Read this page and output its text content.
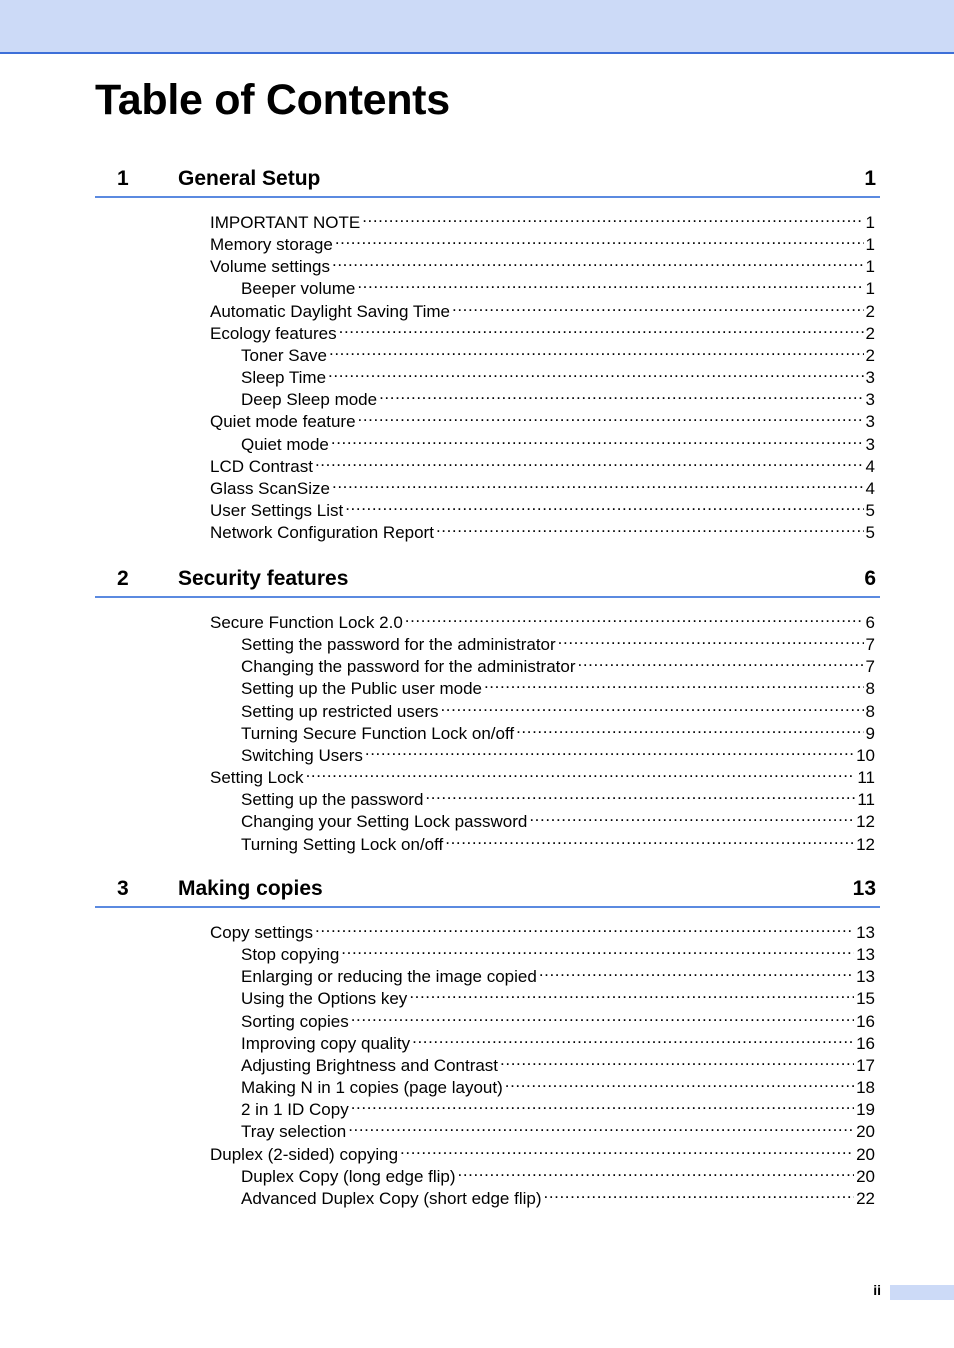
Table of Contents
1 General Setup	1
IMPORTANT NOTE .....	1
Memory storage .....	1
Volume settings .....	1
Beeper volume .....	1
Automatic Daylight Saving Time .....	2
Ecology features .....	2
Toner Save .....	2
Sleep Time .....	3
Deep Sleep mode .....	3
Quiet mode feature .....	3
Quiet mode .....	3
LCD Contrast .....	4
Glass ScanSize .....	4
User Settings List .....	5
Network Configuration Report .....	5
2 Security features	6
Secure Function Lock 2.0 .....	6
Setting the password for the administrator .....	7
Changing the password for the administrator .....	7
Setting up the Public user mode .....	8
Setting up restricted users .....	8
Turning Secure Function Lock on/off .....	9
Switching Users .....	10
Setting Lock .....	11
Setting up the password .....	11
Changing your Setting Lock password .....	12
Turning Setting Lock on/off .....	12
3 Making copies	13
Copy settings .....	13
Stop copying .....	13
Enlarging or reducing the image copied .....	13
Using the Options key .....	15
Sorting copies .....	16
Improving copy quality .....	16
Adjusting Brightness and Contrast .....	17
Making N in 1 copies (page layout) .....	18
2 in 1 ID Copy .....	19
Tray selection .....	20
Duplex (2-sided) copying .....	20
Duplex Copy (long edge flip) .....	20
Advanced Duplex Copy (short edge flip) .....	22
ii
